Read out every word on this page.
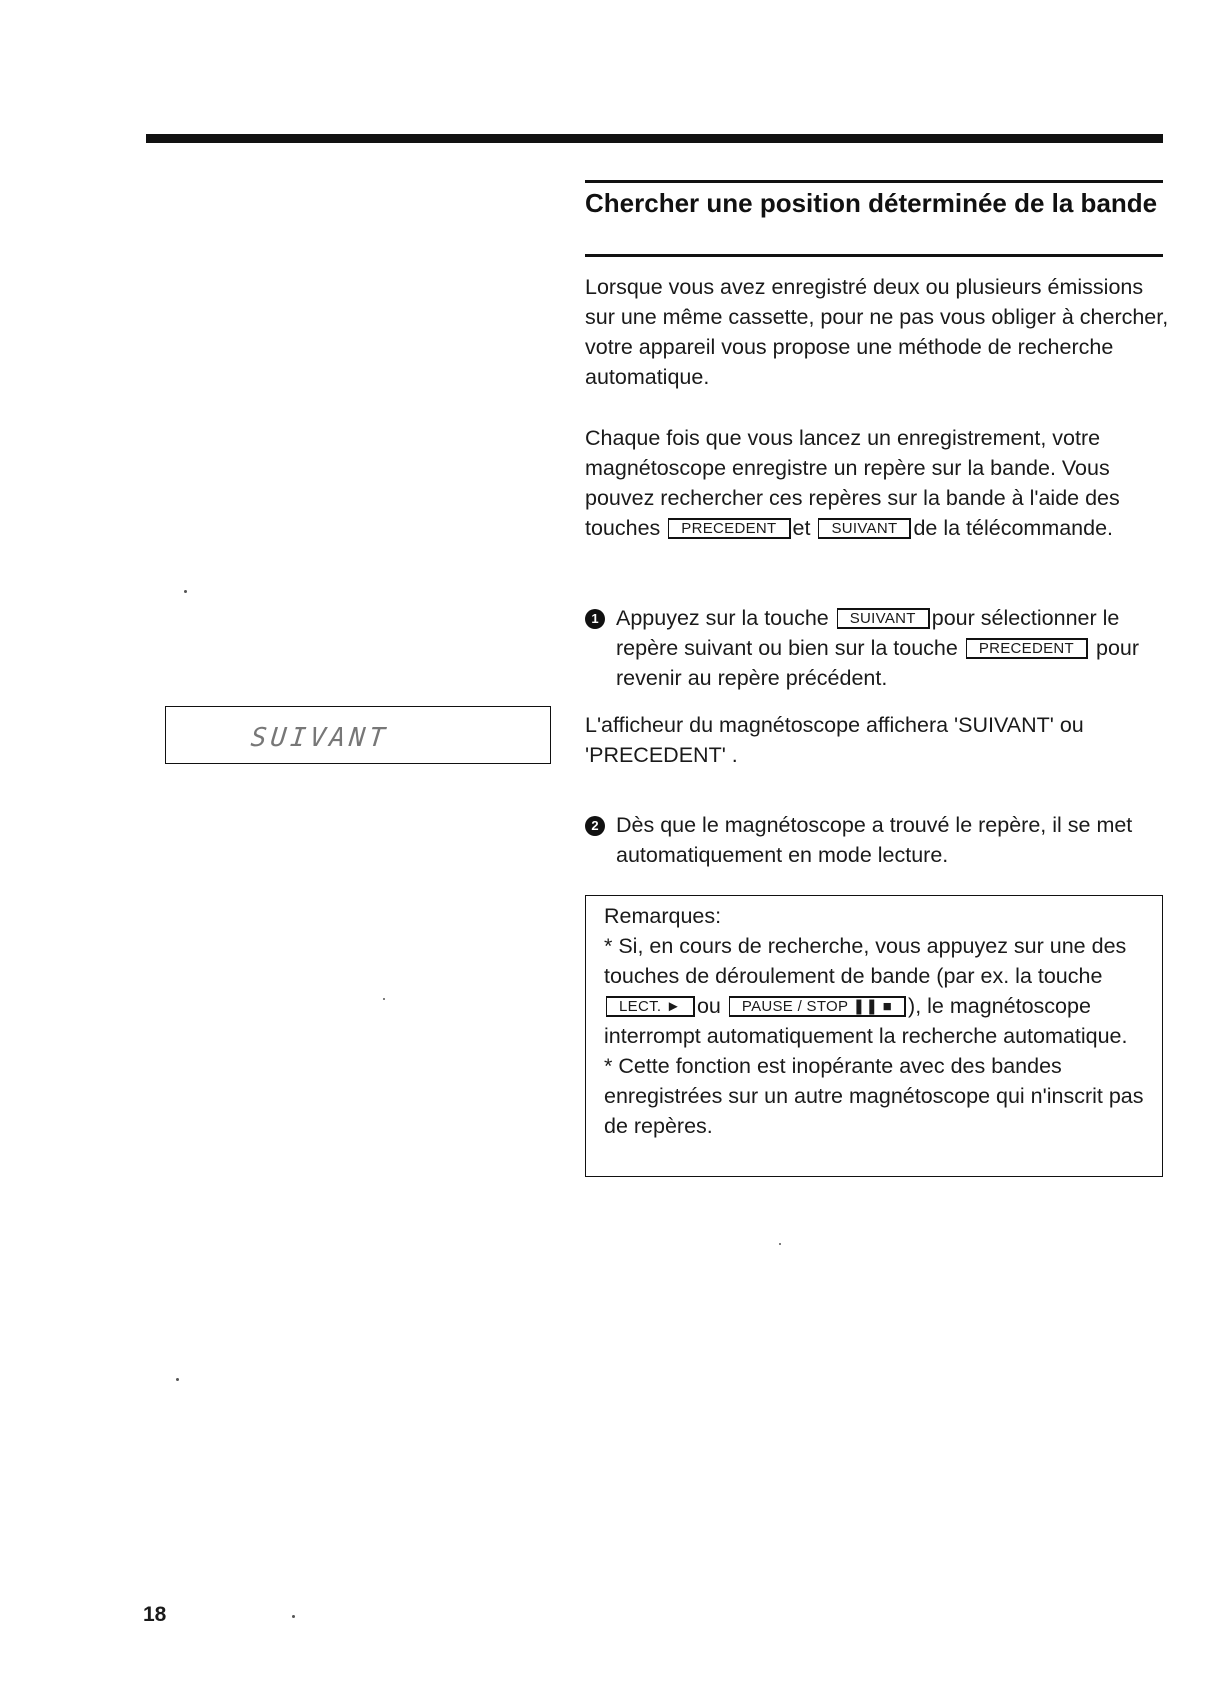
Chercher une position déterminée de la bande

Lorsque vous avez enregistré deux ou plusieurs émissions sur une même cassette, pour ne pas vous obliger à chercher, votre appareil vous propose une méthode de recherche automatique.

Chaque fois que vous lancez un enregistrement, votre magnétoscope enregistre un repère sur la bande. Vous pouvez rechercher ces repères sur la bande à l'aide des touches PRECEDENT et SUIVANT de la télécommande.

1 Appuyez sur la touche SUIVANT pour sélectionner le repère suivant ou bien sur la touche PRECEDENT pour revenir au repère précédent.

L'afficheur du magnétoscope affichera 'SUIVANT' ou 'PRECEDENT' .

SUIVANT
2 Dès que le magnétoscope a trouvé le repère, il se met automatiquement en mode lecture.

Remarques:

* Si, en cours de recherche, vous appuyez sur une des touches de déroulement de bande (par ex. la touche LECT. ► ou PAUSE / STOP ❚❚ ■ ), le magnétoscope interrompt automatiquement la recherche automatique.

* Cette fonction est inopérante avec des bandes enregistrées sur un autre magnétoscope qui n'inscrit pas de repères.

18
